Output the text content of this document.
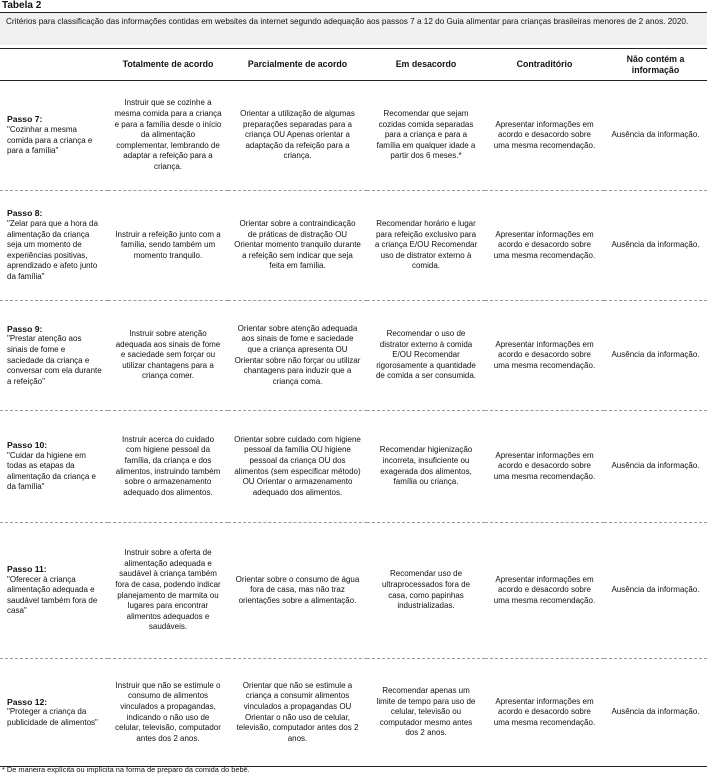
Tabela 2
Critérios para classificação das informações contidas em websites da internet segundo adequação aos passos 7 a 12 do Guia alimentar para crianças brasileiras menores de 2 anos. 2020.
	Totalmente de acordo	Parcialmente de acordo	Em desacordo	Contraditório	Não contém a informação

Passo 7:
"Cozinhar a mesma comida para a criança e para a família"	Instruir que se cozinhe a mesma comida para a criança e para a família desde o início da alimentação complementar, lembrando de adaptar a refeição para a criança.	Orientar a utilização de algumas preparações separadas para a criança OU Apenas orientar a adaptação da refeição para a criança.	Recomendar que sejam cozidas comida separadas para a criança e para a família em qualquer idade a partir dos 6 meses.*	Apresentar informações em acordo e desacordo sobre uma mesma recomendação.	Ausência da informação.

Passo 8:
"Zelar para que a hora da alimentação da criança seja um momento de experiências positivas, aprendizado e afeto junto da família"	Instruir a refeição junto com a família, sendo também um momento tranquilo.	Orientar sobre a contraindicação de práticas de distração OU Orientar momento tranquilo durante a refeição sem indicar que seja feita em família.	Recomendar horário e lugar para refeição exclusivo para a criança E/OU Recomendar uso de distrator externo à comida.	Apresentar informações em acordo e desacordo sobre uma mesma recomendação.	Ausência da informação.

Passo 9:
"Prestar atenção aos sinais de fome e saciedade da criança e conversar com ela durante a refeição"	Instruir sobre atenção adequada aos sinais de fome e saciedade sem forçar ou utilizar chantagens para a criança comer.	Orientar sobre atenção adequada aos sinais de fome e saciedade que a criança apresenta OU Orientar sobre não forçar ou utilizar chantagens para induzir que a criança coma.	Recomendar o uso de distrator externo à comida E/OU Recomendar rigorosamente a quantidade de comida a ser consumida.	Apresentar informações em acordo e desacordo sobre uma mesma recomendação.	Ausência da informação.

Passo 10:
"Cuidar da higiene em todas as etapas da alimentação da criança e da família"	Instruir acerca do cuidado com higiene pessoal da família, da criança e dos alimentos, instruindo também sobre o armazenamento adequado dos alimentos.	Orientar sobre cuidado com higiene pessoal da família OU higiene pessoal da criança OU dos alimentos (sem especificar método) OU Orientar o armazenamento adequado dos alimentos.	Recomendar higienização incorreta, insuficiente ou exagerada dos alimentos, família ou criança.	Apresentar informações em acordo e desacordo sobre uma mesma recomendação.	Ausência da informação.

Passo 11:
"Oferecer à criança alimentação adequada e saudável também fora de casa"	Instruir sobre a oferta de alimentação adequada e saudável à criança também fora de casa, podendo indicar planejamento de marmita ou lugares para encontrar alimentos adequados e saudáveis.	Orientar sobre o consumo de água fora de casa, mas não traz orientações sobre a alimentação.	Recomendar uso de ultraprocessados fora de casa, como papinhas industrializadas.	Apresentar informações em acordo e desacordo sobre uma mesma recomendação.	Ausência da informação.

Passo 12:
"Proteger a criança da publicidade de alimentos"	Instruir que não se estimule o consumo de alimentos vinculados a propagandas, indicando o não uso de celular, televisão, computador antes dos 2 anos.	Orientar que não se estimule a criança a consumir alimentos vinculados a propagandas OU Orientar o não uso de celular, televisão, computador antes dos 2 anos.	Recomendar apenas um limite de tempo para uso de celular, televisão ou computador mesmo antes dos 2 anos.	Apresentar informações em acordo e desacordo sobre uma mesma recomendação.	Ausência da informação.
* De maneira explícita ou implícita na forma de preparo da comida do bebê.
